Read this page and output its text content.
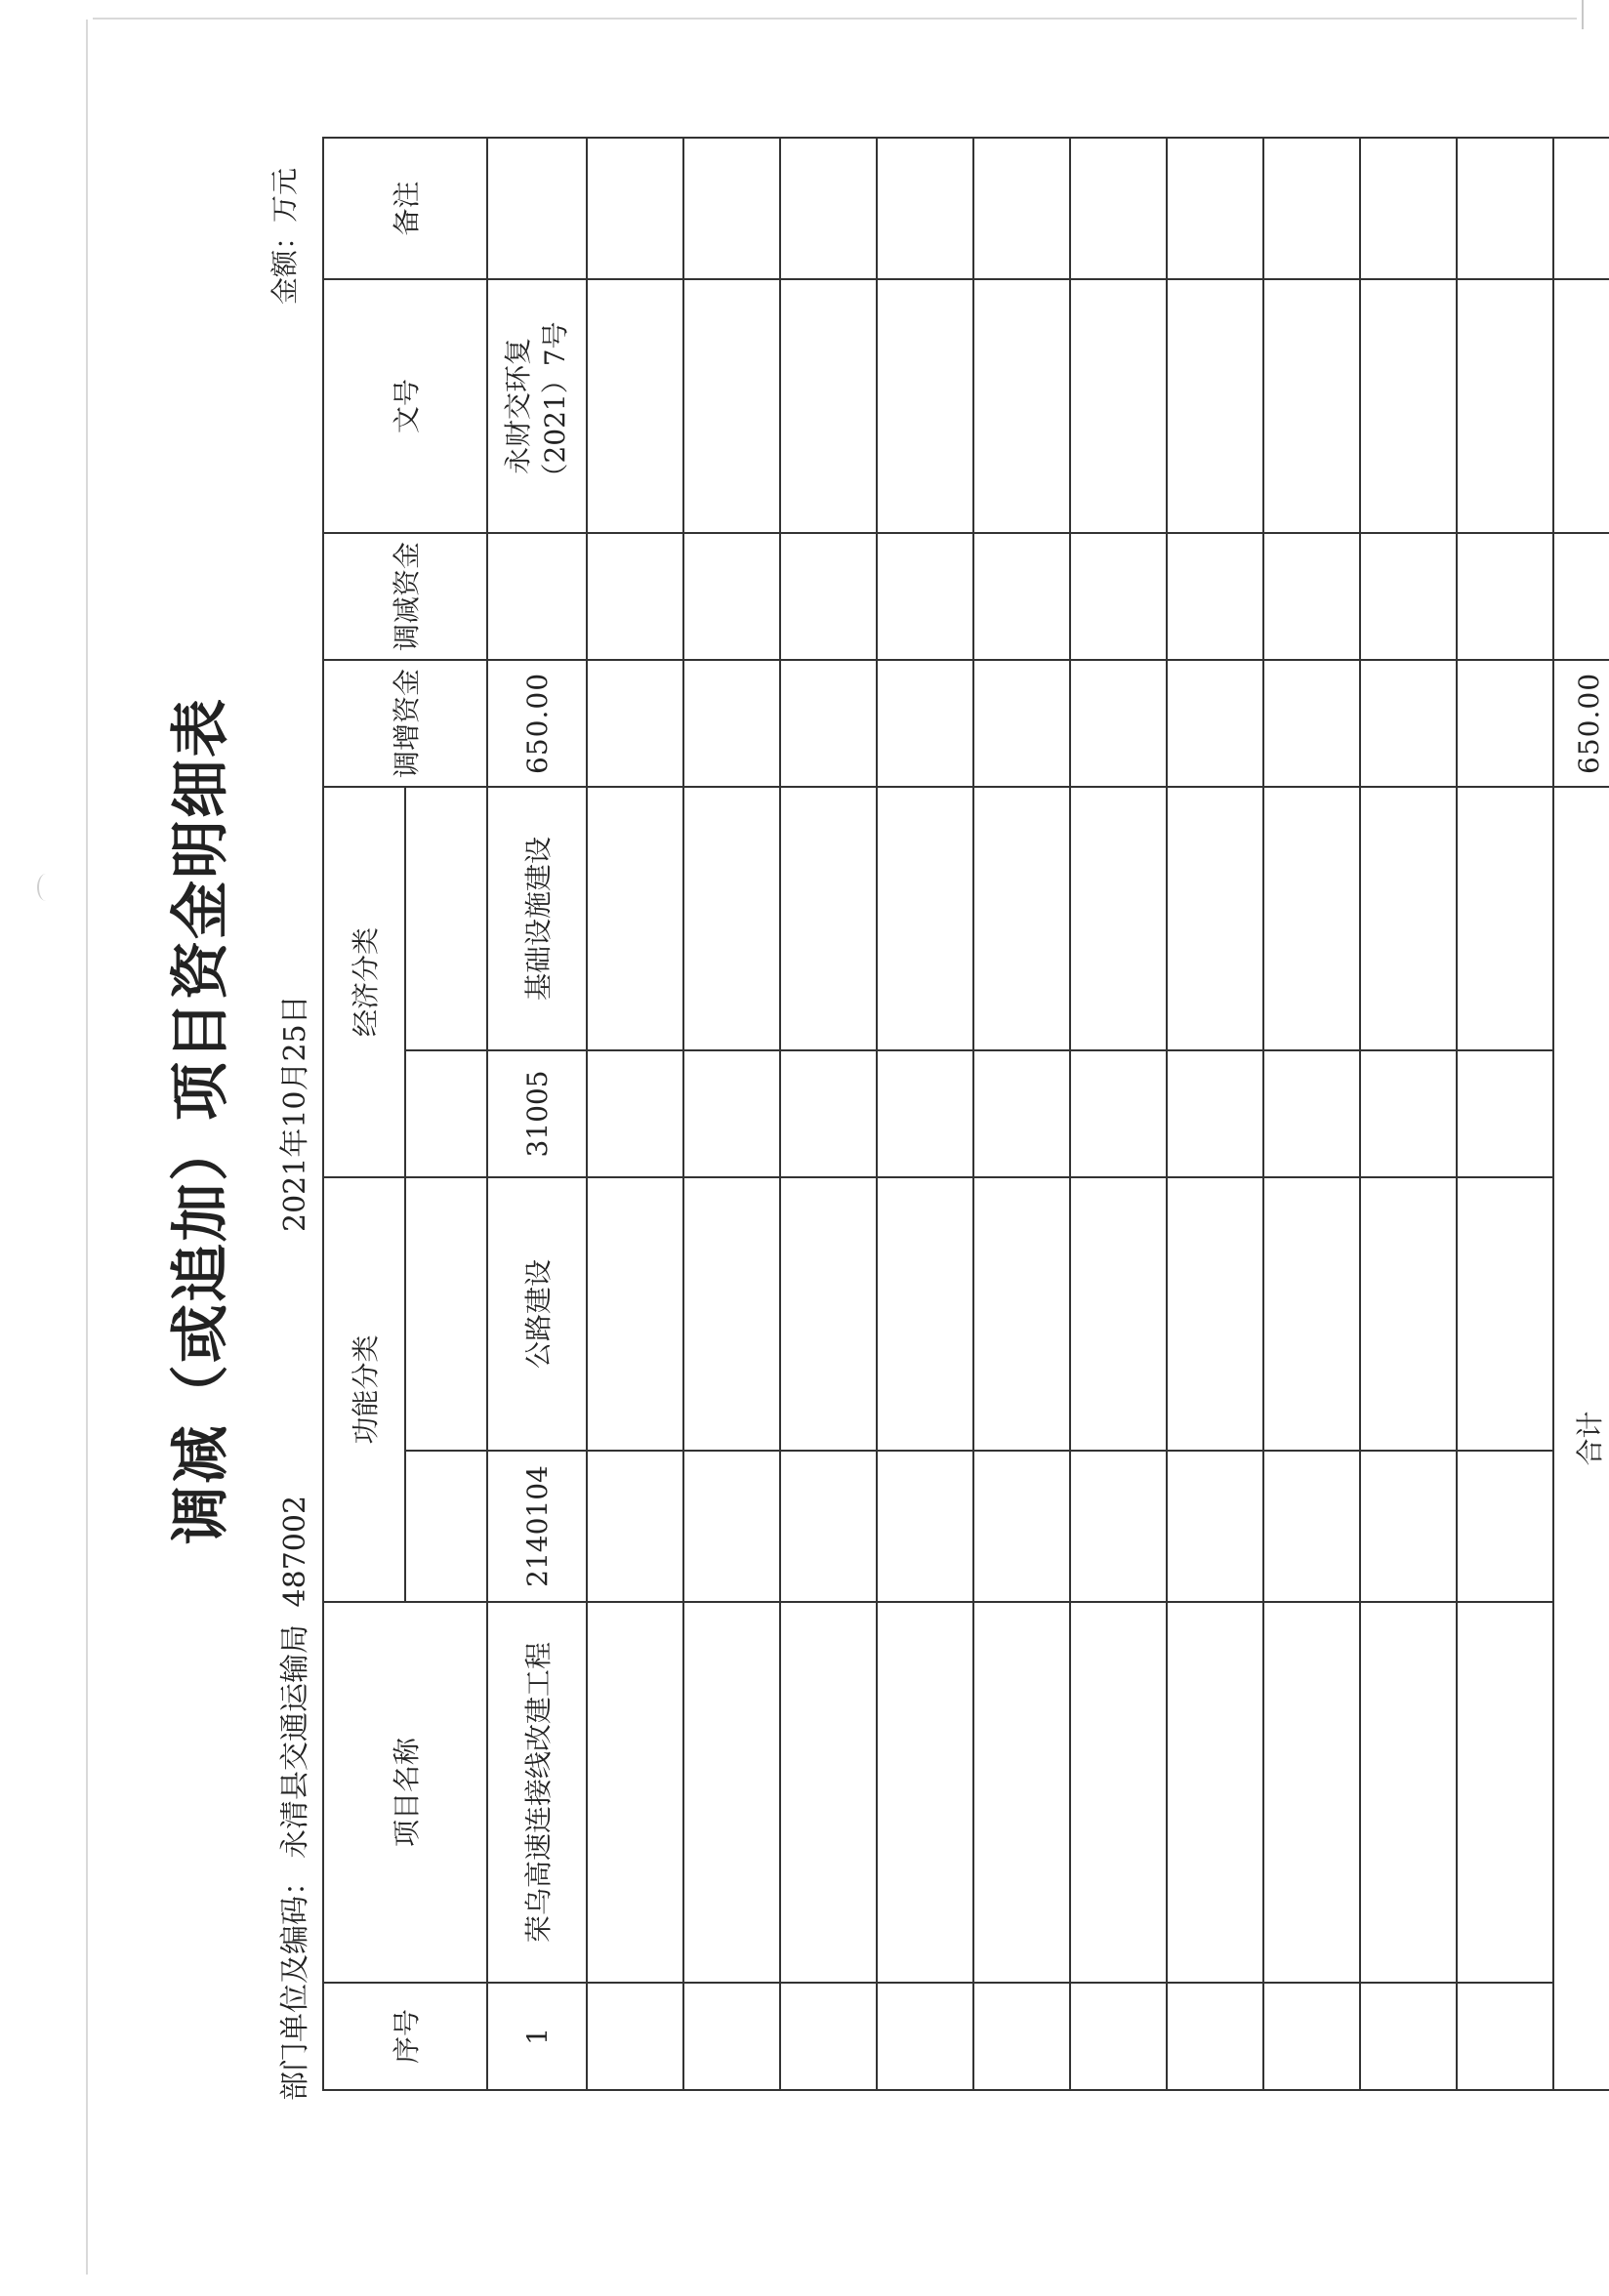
调减（或追加）项目资金明细表
部门单位及编码：永清县交通运输局 487002
2021年10月25日
金额：万元
序号	项目名称	功能分类		经济分类		调增资金	调减资金	文号	备注

1	荣乌高速连接线改建工程	2140104	公路建设	31005	基础设施建设	650.00		永财交环复 （2021）7号	

合计						650.00			
